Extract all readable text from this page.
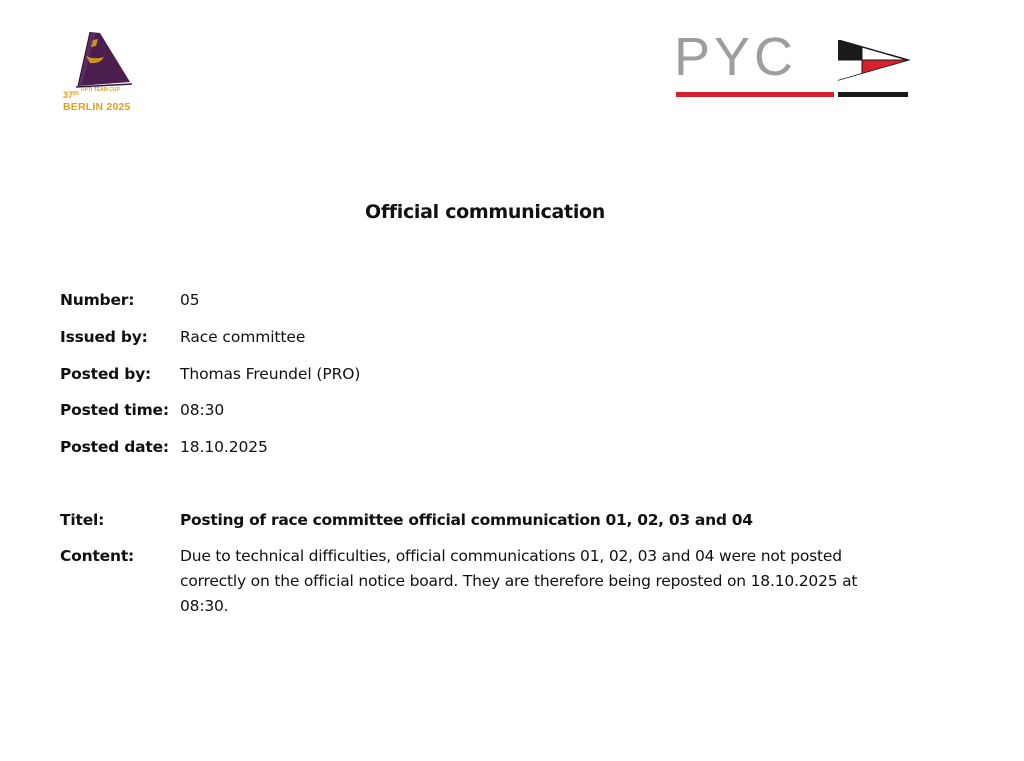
37thOPTI TEAM CUP
BERLIN 2025
PYC
Official communication
Number:	05
Issued by: Race committee
Posted by: Thomas Freundel (PRO)
Posted time: 08:30
Posted date: 18.10.2025
Titel:	Posting of race committee official communication 01, 02, 03 and 04
Content:	Due to technical difficulties, official communications 01, 02, 03 and 04 were not posted correctly on the official notice board. They are therefore being reposted on 18.10.2025 at 08:30.
